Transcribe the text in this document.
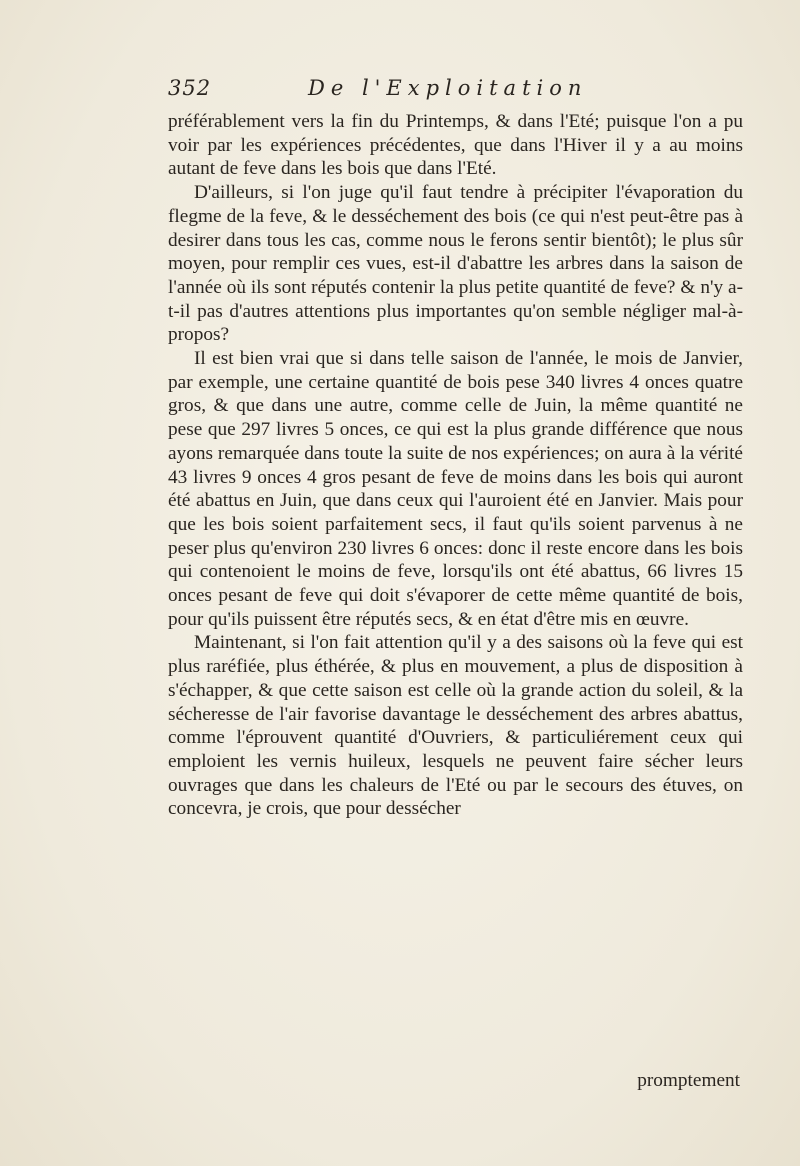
352	De l'Exploitation

préférablement vers la fin du Printemps, & dans l'Eté; puisque l'on a pu voir par les expériences précédentes, que dans l'Hiver il y a au moins autant de feve dans les bois que dans l'Eté.

D'ailleurs, si l'on juge qu'il faut tendre à précipiter l'évaporation du flegme de la feve, & le desséchement des bois (ce qui n'est peut-être pas à desirer dans tous les cas, comme nous le ferons sentir bientôt); le plus sûr moyen, pour remplir ces vues, est-il d'abattre les arbres dans la saison de l'année où ils sont réputés contenir la plus petite quantité de feve? & n'y a-t-il pas d'autres attentions plus importantes qu'on semble négliger mal-à-propos?

Il est bien vrai que si dans telle saison de l'année, le mois de Janvier, par exemple, une certaine quantité de bois pese 340 livres 4 onces quatre gros, & que dans une autre, comme celle de Juin, la même quantité ne pese que 297 livres 5 onces, ce qui est la plus grande différence que nous ayons remarquée dans toute la suite de nos expériences; on aura à la vérité 43 livres 9 onces 4 gros pesant de feve de moins dans les bois qui auront été abattus en Juin, que dans ceux qui l'auroient été en Janvier. Mais pour que les bois soient parfaitement secs, il faut qu'ils soient parvenus à ne peser plus qu'environ 230 livres 6 onces: donc il reste encore dans les bois qui contenoient le moins de feve, lorsqu'ils ont été abattus, 66 livres 15 onces pesant de feve qui doit s'évaporer de cette même quantité de bois, pour qu'ils puissent être réputés secs, & en état d'être mis en œuvre.

Maintenant, si l'on fait attention qu'il y a des saisons où la feve qui est plus raréfiée, plus éthérée, & plus en mouvement, a plus de disposition à s'échapper, & que cette saison est celle où la grande action du soleil, & la sécheresse de l'air favorise davantage le desséchement des arbres abattus, comme l'éprouvent quantité d'Ouvriers, & particuliérement ceux qui emploient les vernis huileux, lesquels ne peuvent faire sécher leurs ouvrages que dans les chaleurs de l'Eté ou par le secours des étuves, on concevra, je crois, que pour dessécher

promptement
